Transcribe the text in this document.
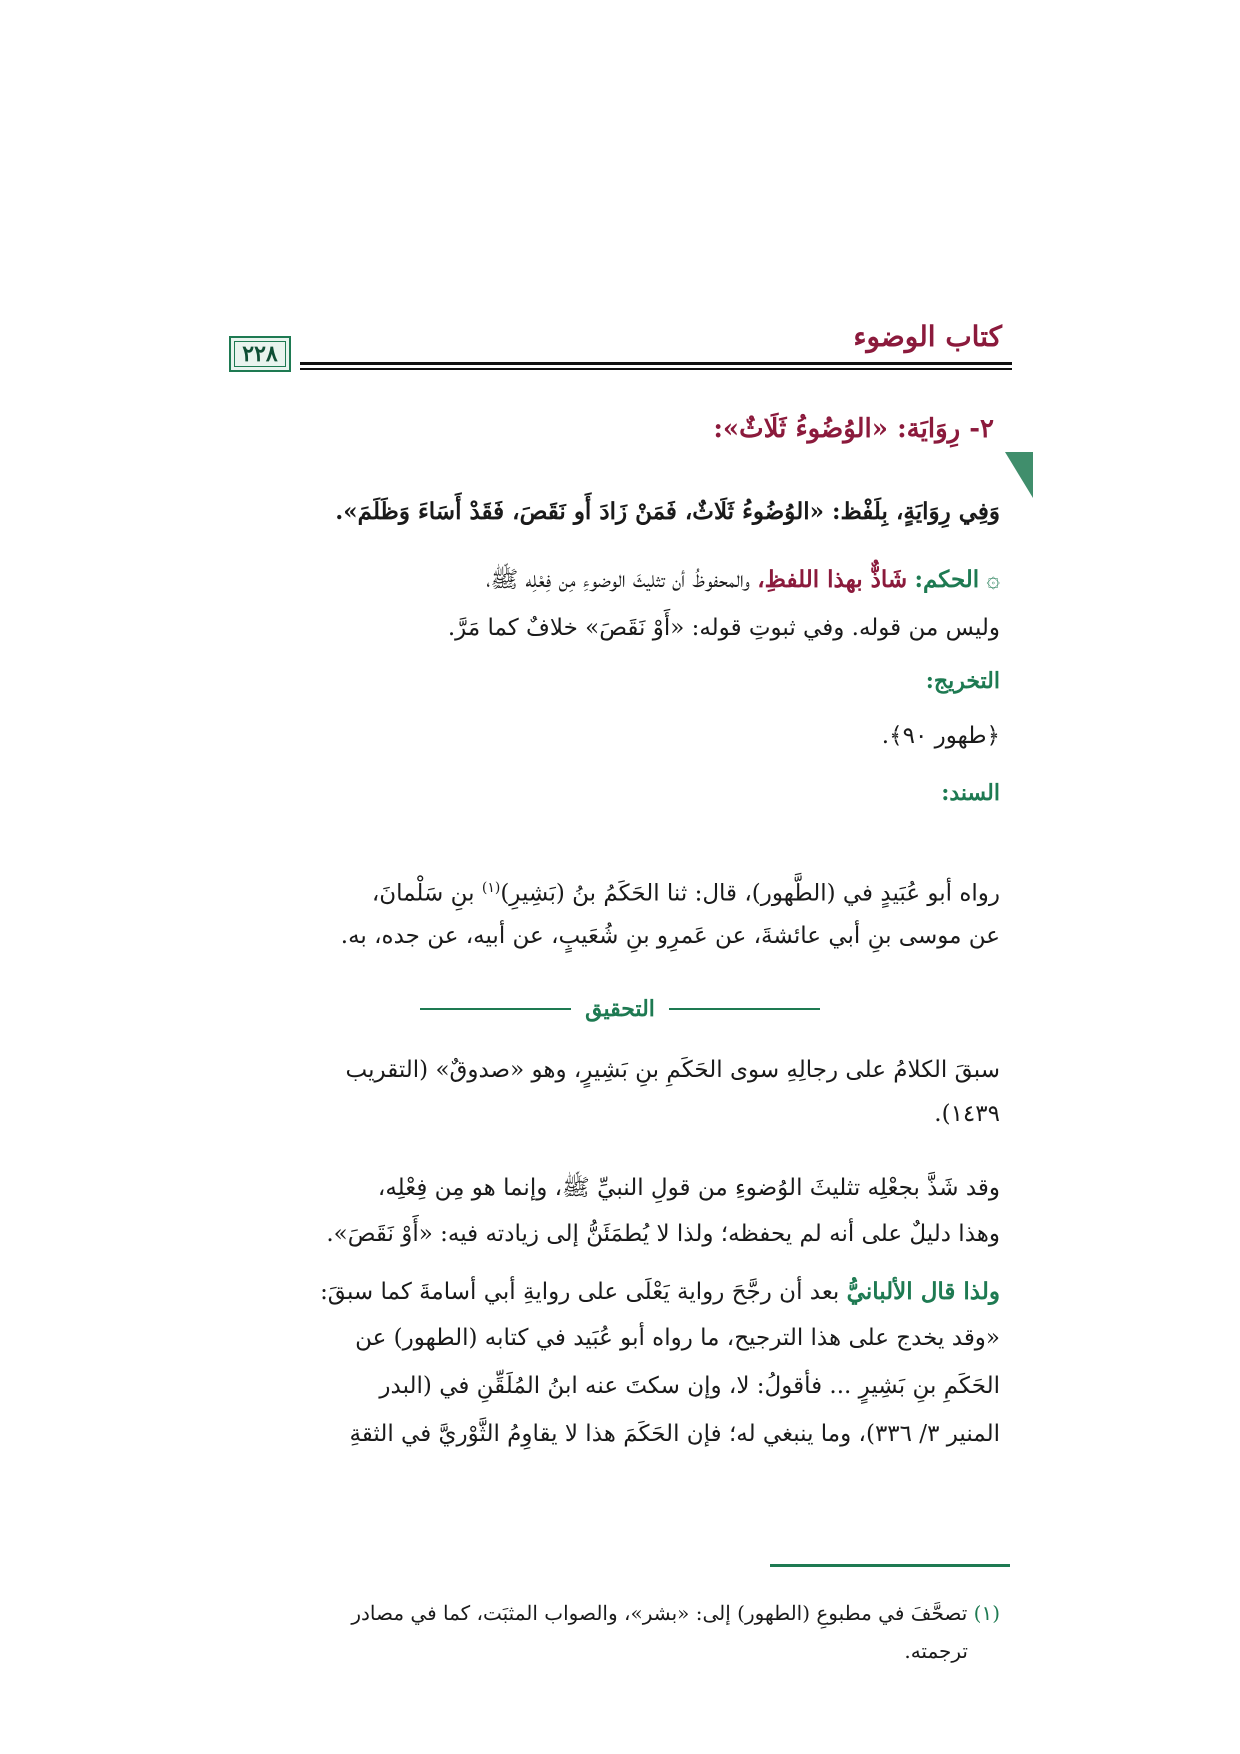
كتاب الوضوء
٢٢٨
٢- رِوَايَة: «الوُضُوءُ ثَلَاثٌ»:
وَفِي رِوَايَةٍ، بِلَفْظ: «الوُضُوءُ ثَلَاثٌ، فَمَنْ زَادَ أَو نَقَصَ، فَقَدْ أَسَاءَ وَظَلَمَ».
۞ الحكم: شَاذٌّ بهذا اللفظِ، والمحفوظُ أن تثليثَ الوضوءِ مِن فِعْلِه ﷺ،
وليس من قوله. وفي ثبوتِ قوله: «أَوْ نَقَصَ» خلافٌ كما مَرَّ.
التخريج:
﴿طهور ٩٠﴾.
السند:
رواه أبو عُبَيدٍ في (الطَّهور)، قال: ثنا الحَكَمُ بنُ (بَشِيرِ)$^{(١)}$ بنِ سَلْمانَ،
عن موسى بنِ أبي عائشةَ، عن عَمرِو بنِ شُعَيبٍ، عن أبيه، عن جده، به.
التحقيق
سبقَ الكلامُ على رجالِهِ سوى الحَكَمِ بنِ بَشِيرٍ، وهو «صدوقٌ» (التقريب
١٤٣٩).
وقد شَذَّ بجعْلِه تثليثَ الوُضوءِ من قولِ النبيِّ ﷺ، وإنما هو مِن فِعْلِه،
وهذا دليلٌ على أنه لم يحفظه؛ ولذا لا يُطمَئَنُّ إلى زيادته فيه: «أَوْ نَقَصَ».
ولذا قال الألبانيُّ بعد أن رجَّحَ رواية يَعْلَى على روايةِ أبي أسامةَ كما سبقَ:
«وقد يخدج على هذا الترجيح، ما رواه أبو عُبَيد في كتابه (الطهور) عن
الحَكَمِ بنِ بَشِيرٍ ... فأقولُ: لا، وإن سكتَ عنه ابنُ المُلَقِّنِ في (البدر
المنير ٣/ ٣٣٦)، وما ينبغي له؛ فإن الحَكَمَ هذا لا يقاوِمُ الثَّوْريَّ في الثقةِ
(١) تصحَّفَ في مطبوعِ (الطهور) إلى: «بشر»، والصواب المثبَت، كما في مصادر
ترجمته.
